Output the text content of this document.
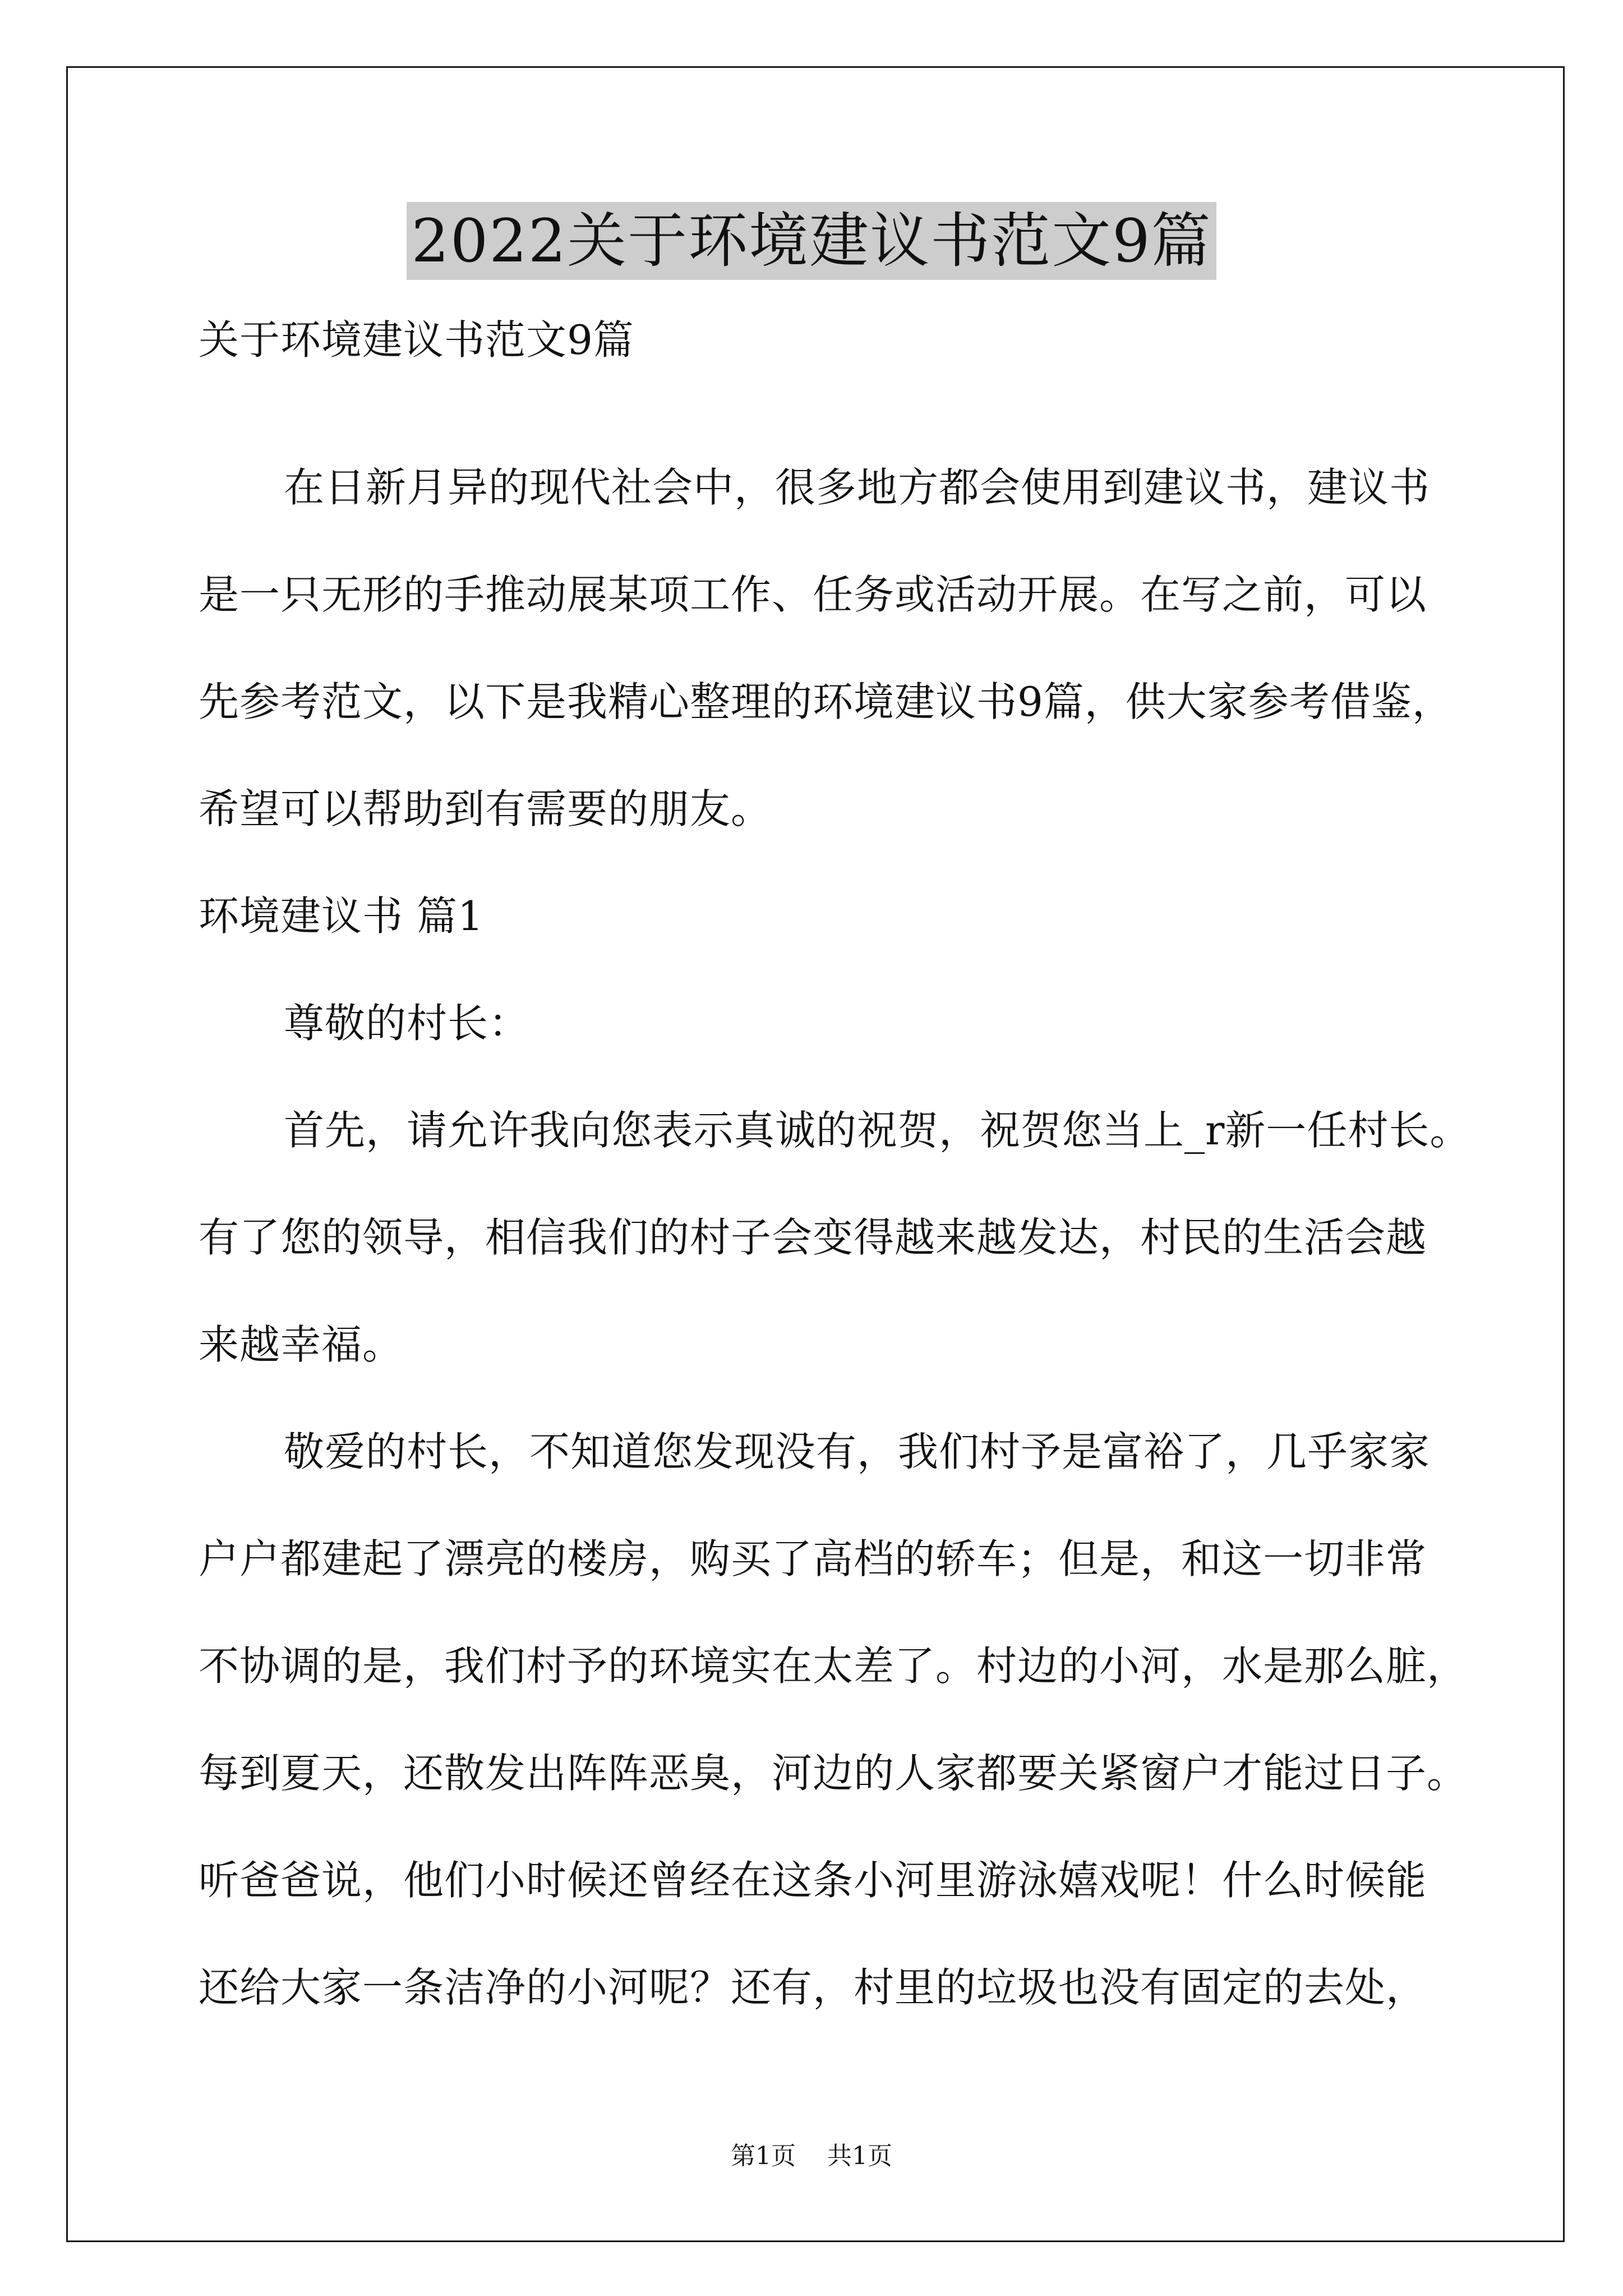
2022关于环境建议书范文9篇
关于环境建议书范文9篇
在日新月异的现代社会中，很多地方都会使用到建议书，建议书
是一只无形的手推动展某项工作、任务或活动开展。在写之前，可以
先参考范文，以下是我精心整理的环境建议书9篇，供大家参考借鉴，
希望可以帮助到有需要的朋友。
环境建议书 篇1
尊敬的村长：
首先，请允许我向您表示真诚的祝贺，祝贺您当上_r新一任村长。
有了您的领导，相信我们的村子会变得越来越发达，村民的生活会越
来越幸福。
敬爱的村长，不知道您发现没有，我们村予是富裕了，几乎家家
户户都建起了漂亮的楼房，购买了高档的轿车；但是，和这一切非常
不协调的是，我们村予的环境实在太差了。村边的小河，水是那么脏，
每到夏天，还散发出阵阵恶臭，河边的人家都要关紧窗户才能过日子。
听爸爸说，他们小时候还曾经在这条小河里游泳嬉戏呢！什么时候能
还给大家一条洁净的小河呢？还有，村里的垃圾也没有固定的去处，
第1页 共1页
